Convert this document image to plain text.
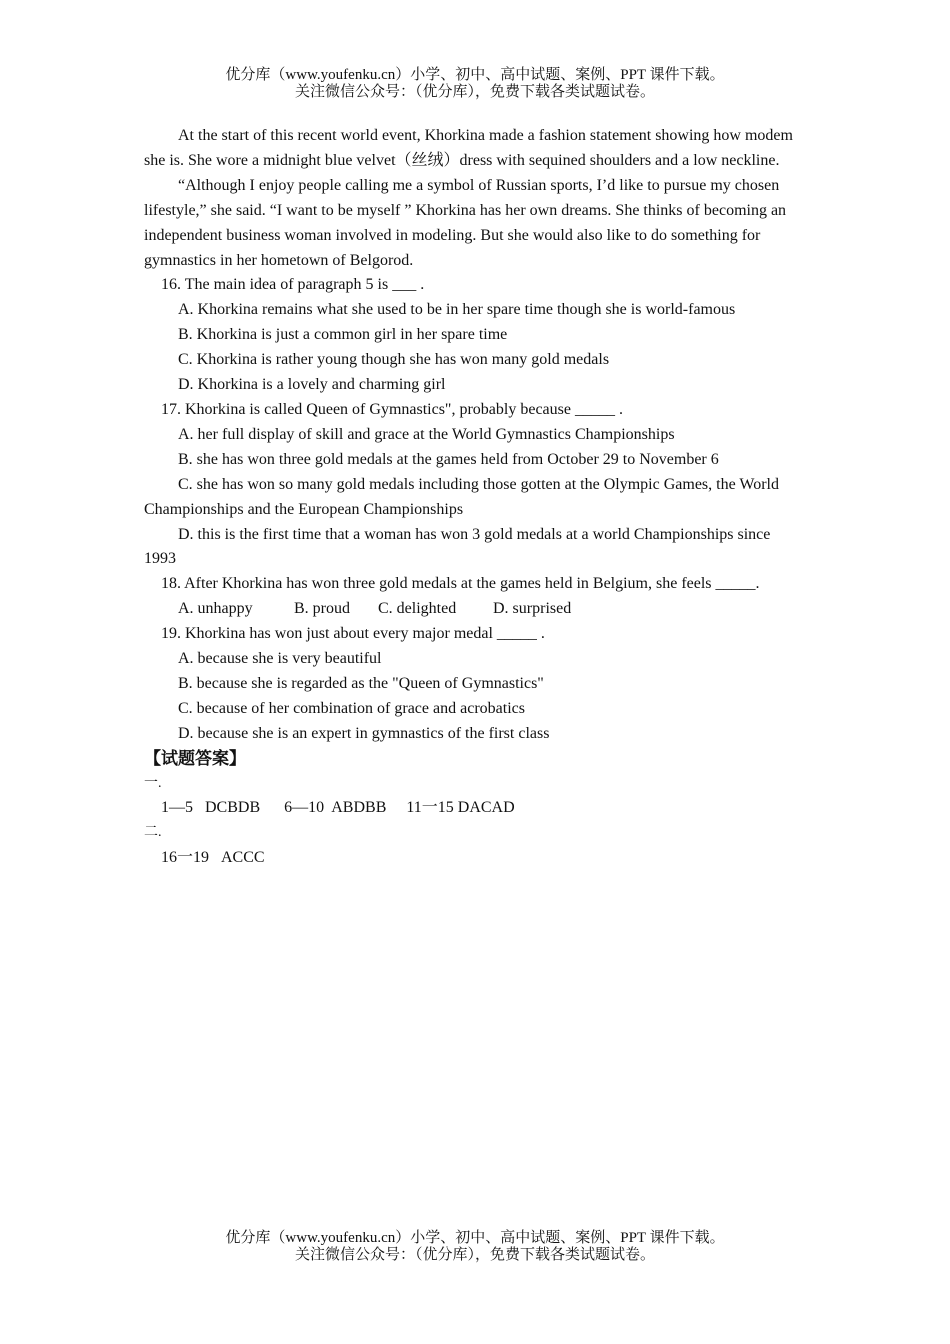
优分库（www.youfenku.cn）小学、初中、高中试题、案例、PPT 课件下载。
关注微信公众号：（优分库），免费下载各类试题试卷。

At the start of this recent world event, Khorkina made a fashion statement showing how modem she is. She wore a midnight blue velvet（丝绒）dress with sequined shoulders and a low neckline.

“Although I enjoy people calling me a symbol of Russian sports, I’d like to pursue my chosen lifestyle,” she said. “I want to be myself ” Khorkina has her own dreams. She thinks of becoming an independent business woman involved in modeling. But she would also like to do something for gymnastics in her hometown of Belgorod.

16. The main idea of paragraph 5 is ___ .

A. Khorkina remains what she used to be in her spare time though she is world-famous

B. Khorkina is just a common girl in her spare time

C. Khorkina is rather young though she has won many gold medals

D. Khorkina is a lovely and charming girl

17. Khorkina is called Queen of Gymnastics", probably because _____ .

A. her full display of skill and grace at the World Gymnastics Championships

B. she has won three gold medals at the games held from October 29 to November 6

C. she has won so many gold medals including those gotten at the Olympic Games, the World Championships and the European Championships

D. this is the first time that a woman has won 3 gold medals at a world Championships since 1993

18. After Khorkina has won three gold medals at the games held in Belgium, she feels _____.

A. unhappy	B. proud C. delighted D. surprised

19. Khorkina has won just about every major medal _____ .

A. because she is very beautiful

B. because she is regarded as the "Queen of Gymnastics"

C. because of her combination of grace and acrobatics

D. because she is an expert in gymnastics of the first class

【试题答案】

一.

1—5   DCBDB      6—10  ABDBB     11一15 DACAD

二.

16一19   ACCC

优分库（www.youfenku.cn）小学、初中、高中试题、案例、PPT 课件下载。
关注微信公众号：（优分库），免费下载各类试题试卷。
